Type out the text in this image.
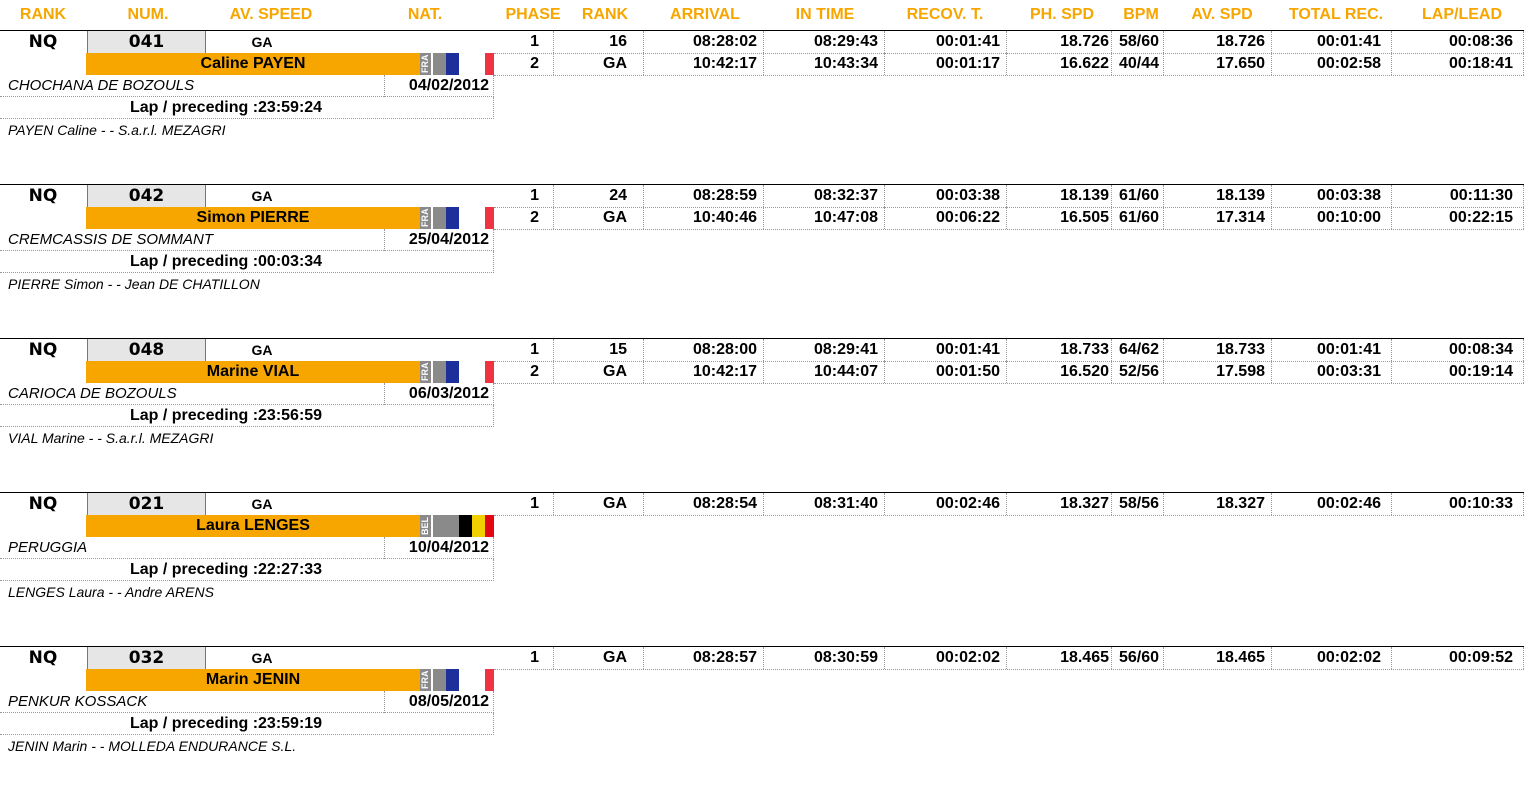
RANK	NUM.	AV. SPEED	NAT.	PHASE	RANK	ARRIVAL	IN TIME	RECOV. T.	PH. SPD	BPM	AV. SPD	TOTAL REC.	LAP/LEAD
NQ	041	GA
Caline PAYEN	FRA
CHOCHANA DE BOZOULS	04/02/2012
Lap / preceding :23:59:24
PAYEN Caline - - S.a.r.l. MEZAGRI
1	16	08:28:02	08:29:43	00:01:41	18.726 58/60	18.726	00:01:41	00:08:36
2	GA	10:42:17	10:43:34	00:01:17	16.622 40/44	17.650	00:02:58	00:18:41
NQ	042	GA
Simon PIERRE	FRA
CREMCASSIS DE SOMMANT	25/04/2012
Lap / preceding :00:03:34
PIERRE Simon - - Jean DE CHATILLON
1	24	08:28:59	08:32:37	00:03:38	18.139 61/60	18.139	00:03:38	00:11:30
2	GA	10:40:46	10:47:08	00:06:22	16.505 61/60	17.314	00:10:00	00:22:15
NQ	048	GA
Marine VIAL	FRA
CARIOCA DE BOZOULS	06/03/2012
Lap / preceding :23:56:59
VIAL Marine - - S.a.r.l. MEZAGRI
1	15	08:28:00	08:29:41	00:01:41	18.733 64/62	18.733	00:01:41	00:08:34
2	GA	10:42:17	10:44:07	00:01:50	16.520 52/56	17.598	00:03:31	00:19:14
NQ	021	GA
Laura LENGES	BEL
PERUGGIA	10/04/2012
Lap / preceding :22:27:33
LENGES Laura - - Andre ARENS
1	GA	08:28:54	08:31:40	00:02:46	18.327 58/56	18.327	00:02:46	00:10:33
NQ	032	GA
Marin JENIN	FRA
PENKUR KOSSACK	08/05/2012
Lap / preceding :23:59:19
JENIN Marin - - MOLLEDA ENDURANCE S.L.
1	GA	08:28:57	08:30:59	00:02:02	18.465 56/60	18.465	00:02:02	00:09:52
